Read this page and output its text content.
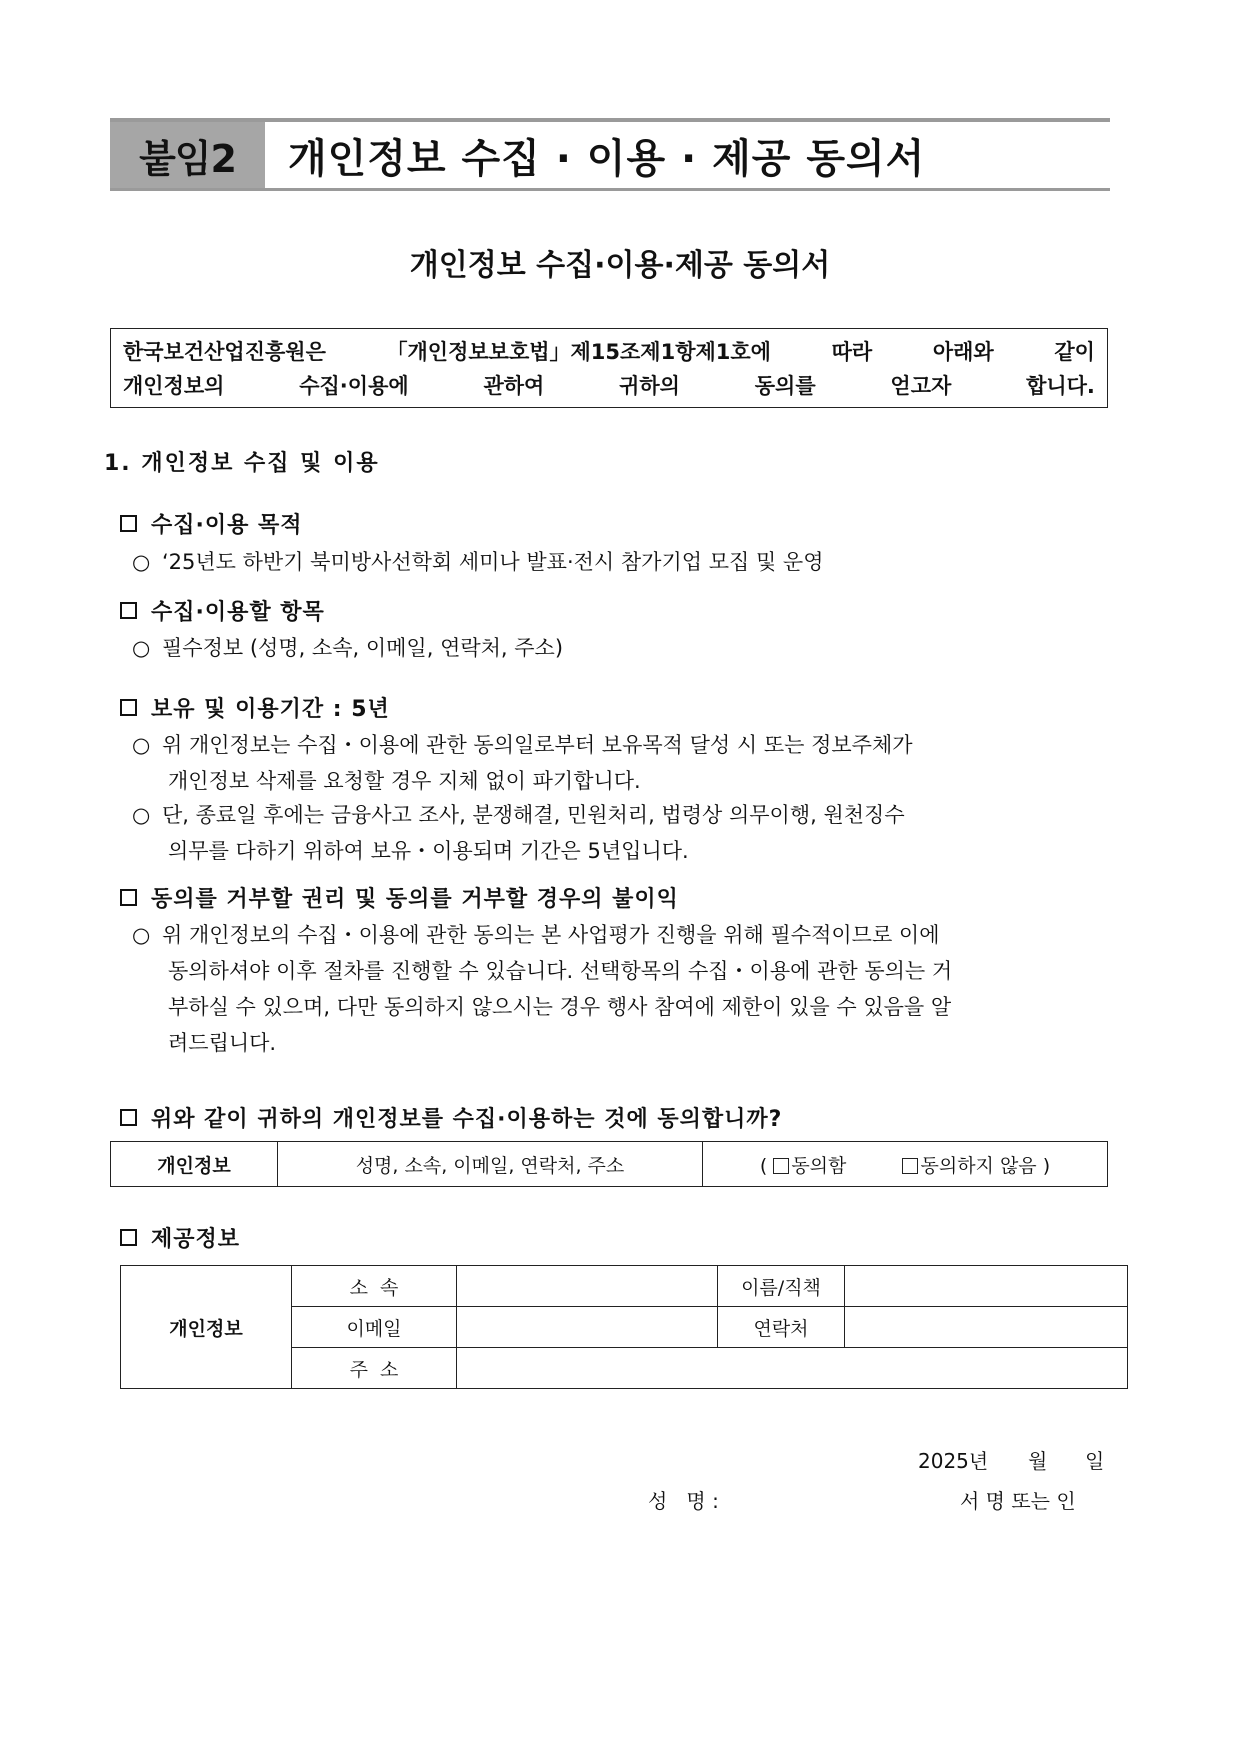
붙임2	개인정보 수집 · 이용 · 제공 동의서
개인정보 수집·이용·제공 동의서
한국보건산업진흥원은	「개인정보보호법」제15조제1항제1호에	따라	아래와	같이
개인정보의	수집·이용에	관하여	귀하의	동의를	얻고자	합니다.
1. 개인정보 수집 및 이용
수집·이용 목적
○ ‘25년도 하반기 북미방사선학회 세미나 발표·전시 참가기업 모집 및 운영
수집·이용할 항목
○ 필수정보 (성명, 소속, 이메일, 연락처, 주소)
보유 및 이용기간 : 5년
○ 위 개인정보는 수집・이용에 관한 동의일로부터 보유목적 달성 시 또는 정보주체가
개인정보 삭제를 요청할 경우 지체 없이 파기합니다.
○ 단, 종료일 후에는 금융사고 조사, 분쟁해결, 민원처리, 법령상 의무이행, 원천징수
의무를 다하기 위하여 보유・이용되며 기간은 5년입니다.
동의를 거부할 권리 및 동의를 거부할 경우의 불이익
○ 위 개인정보의 수집・이용에 관한 동의는 본 사업평가 진행을 위해 필수적이므로 이에
동의하셔야 이후 절차를 진행할 수 있습니다. 선택항목의 수집・이용에 관한 동의는 거
부하실 수 있으며, 다만 동의하지 않으시는 경우 행사 참여에 제한이 있을 수 있음을 알
려드립니다.
위와 같이 귀하의 개인정보를 수집·이용하는 것에 동의합니까?
개인정보	성명, 소속, 이메일, 연락처, 주소	( 동의함	동의하지 않음 )
제공정보
개인정보	소  속		이름/직책	
	이메일		연락처	
	주  소			
2025년 월 일
성   명 :	서 명 또는 인
